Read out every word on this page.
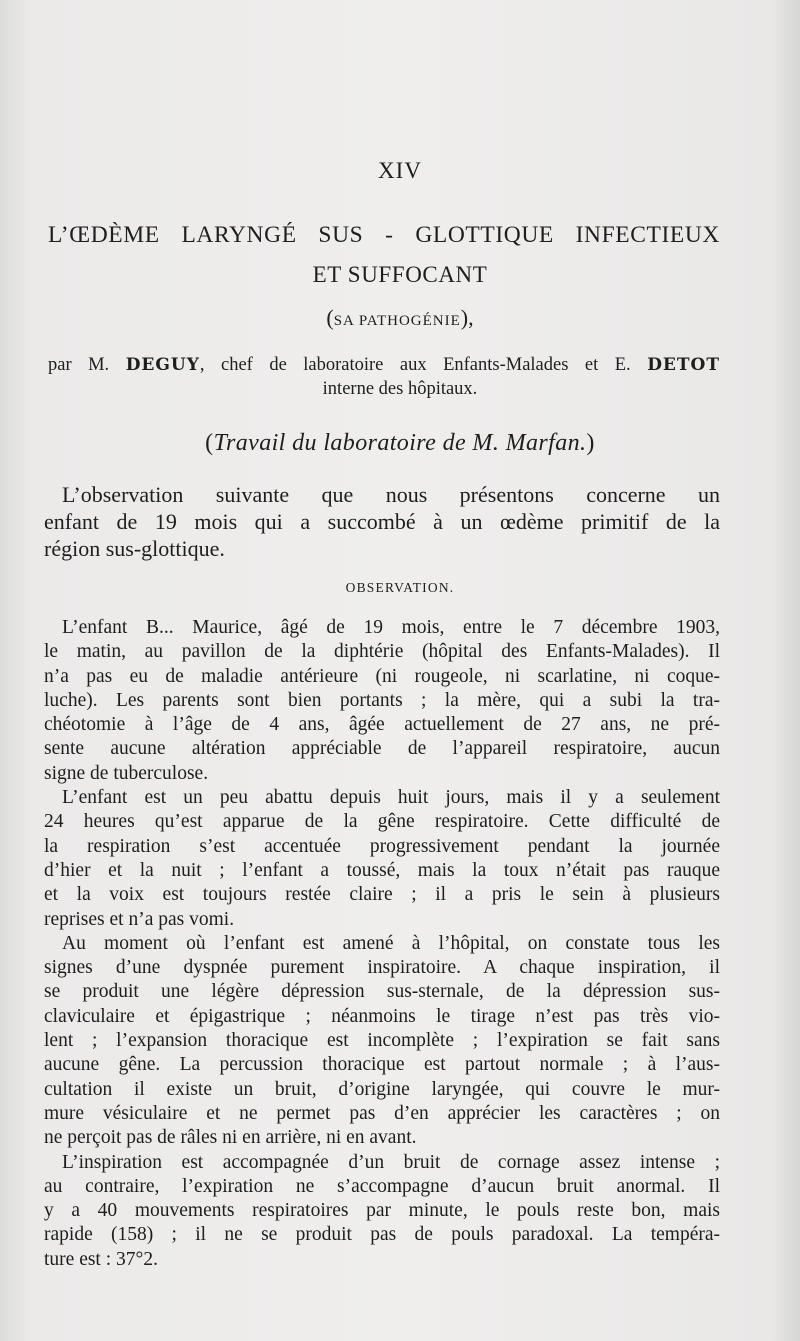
XIV
L’ŒDÈME LARYNGÉ SUS - GLOTTIQUE INFECTIEUX
ET SUFFOCANT
(SA PATHOGÉNIE),
par M. DEGUY, chef de laboratoire aux Enfants-Malades et E. DETOT
interne des hôpitaux.
(Travail du laboratoire de M. Marfan.)
L’observation suivante que nous présentons concerne un
enfant de 19 mois qui a succombé à un œdème primitif de la
région sus-glottique.
OBSERVATION.
L’enfant B... Maurice, âgé de 19 mois, entre le 7 décembre 1903,
le matin, au pavillon de la diphtérie (hôpital des Enfants-Malades). Il
n’a pas eu de maladie antérieure (ni rougeole, ni scarlatine, ni coque-
luche). Les parents sont bien portants ; la mère, qui a subi la tra-
chéotomie à l’âge de 4 ans, âgée actuellement de 27 ans, ne pré-
sente aucune altération appréciable de l’appareil respiratoire, aucun
signe de tuberculose.
L’enfant est un peu abattu depuis huit jours, mais il y a seulement
24 heures qu’est apparue de la gêne respiratoire. Cette difficulté de
la respiration s’est accentuée progressivement pendant la journée
d’hier et la nuit ; l’enfant a toussé, mais la toux n’était pas rauque
et la voix est toujours restée claire ; il a pris le sein à plusieurs
reprises et n’a pas vomi.
Au moment où l’enfant est amené à l’hôpital, on constate tous les
signes d’une dyspnée purement inspiratoire. A chaque inspiration, il
se produit une légère dépression sus-sternale, de la dépression sus-
claviculaire et épigastrique ; néanmoins le tirage n’est pas très vio-
lent ; l’expansion thoracique est incomplète ; l’expiration se fait sans
aucune gêne. La percussion thoracique est partout normale ; à l’aus-
cultation il existe un bruit, d’origine laryngée, qui couvre le mur-
mure vésiculaire et ne permet pas d’en apprécier les caractères ; on
ne perçoit pas de râles ni en arrière, ni en avant.
L’inspiration est accompagnée d’un bruit de cornage assez intense ;
au contraire, l’expiration ne s’accompagne d’aucun bruit anormal. Il
y a 40 mouvements respiratoires par minute, le pouls reste bon, mais
rapide (158) ; il ne se produit pas de pouls paradoxal. La tempéra-
ture est : 37°2.
